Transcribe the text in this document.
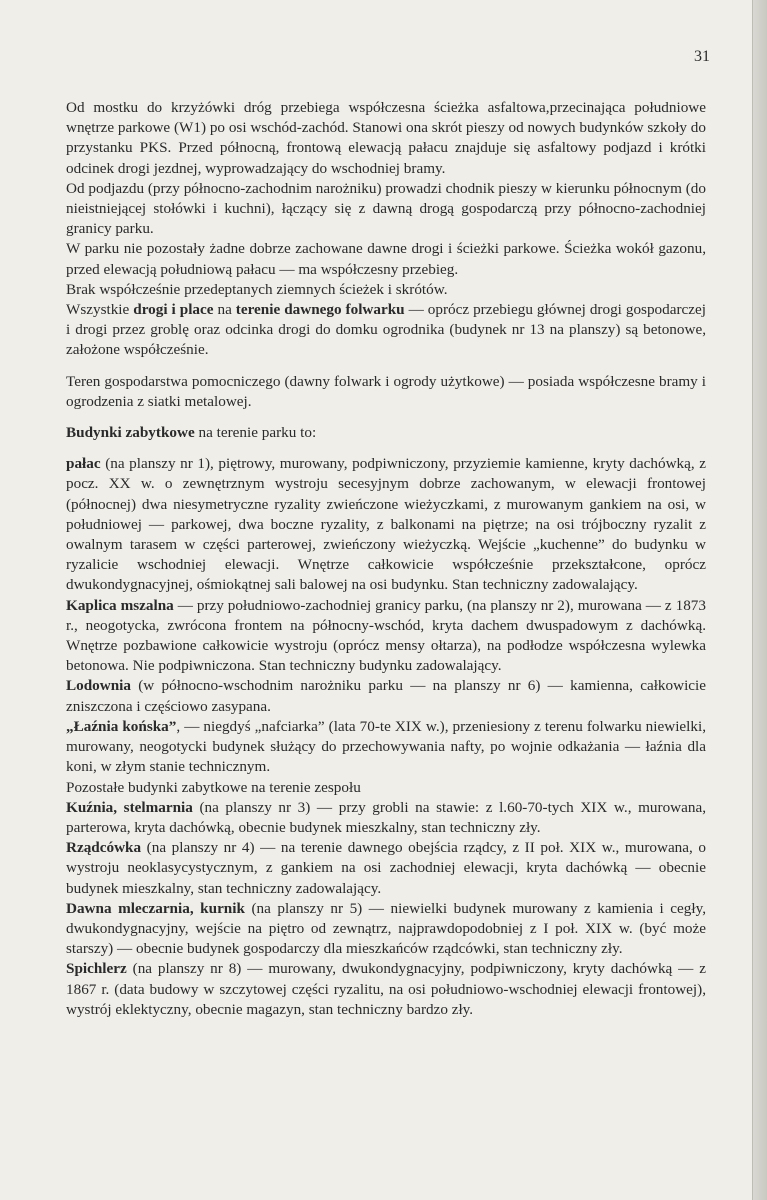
31

Od mostku do krzyżówki dróg przebiega współczesna ścieżka asfaltowa,przecinająca południowe wnętrze parkowe (W1) po osi wschód-zachód. Stanowi ona skrót pieszy od nowych budynków szkoły do przystanku PKS. Przed północną, frontową elewacją pałacu znajduje się asfaltowy podjazd i krótki odcinek drogi jezdnej, wyprowadzający do wschodniej bramy.

Od podjazdu (przy północno-zachodnim narożniku) prowadzi chodnik pieszy w kierunku północnym (do nieistniejącej stołówki i kuchni), łączący się z dawną drogą gospodarczą przy północno-zachodniej granicy parku.

W parku nie pozostały żadne dobrze zachowane dawne drogi i ścieżki parkowe. Ścieżka wokół gazonu, przed elewacją południową pałacu — ma współczesny przebieg.

Brak współcześnie przedeptanych ziemnych ścieżek i skrótów.

Wszystkie drogi i place na terenie dawnego folwarku — oprócz przebiegu głównej drogi gospodarczej i drogi przez groblę oraz odcinka drogi do domku ogrodnika (budynek nr 13 na planszy) są betonowe, założone współcześnie.

Teren gospodarstwa pomocniczego (dawny folwark i ogrody użytkowe) — posiada współczesne bramy i ogrodzenia z siatki metalowej.

Budynki zabytkowe na terenie parku to:

pałac (na planszy nr 1), piętrowy, murowany, podpiwniczony, przyziemie kamienne, kryty dachówką, z pocz. XX w. o zewnętrznym wystroju secesyjnym dobrze zachowanym, w elewacji frontowej (północnej) dwa niesymetryczne ryzality zwieńczone wieżyczkami, z murowanym gankiem na osi, w południowej — parkowej, dwa boczne ryzality, z balkonami na piętrze; na osi trójboczny ryzalit z owalnym tarasem w części parterowej, zwieńczony wieżyczką. Wejście „kuchenne” do budynku w ryzalicie wschodniej elewacji. Wnętrze całkowicie współcześnie przekształcone, oprócz dwukondygnacyjnej, ośmiokątnej sali balowej na osi budynku. Stan techniczny zadowalający.

Kaplica mszalna — przy południowo-zachodniej granicy parku, (na planszy nr 2), murowana — z 1873 r., neogotycka, zwrócona frontem na północny-wschód, kryta dachem dwuspadowym z dachówką. Wnętrze pozbawione całkowicie wystroju (oprócz mensy ołtarza), na podłodze współczesna wylewka betonowa. Nie podpiwniczona. Stan techniczny budynku zadowalający.

Lodownia (w północno-wschodnim narożniku parku — na planszy nr 6) — kamienna, całkowicie zniszczona i częściowo zasypana.

„Łaźnia końska”, — niegdyś „nafciarka” (lata 70-te XIX w.), przeniesiony z terenu folwarku niewielki, murowany, neogotycki budynek służący do przechowywania nafty, po wojnie odkażania — łaźnia dla koni, w złym stanie technicznym.

Pozostałe budynki zabytkowe na terenie zespołu

Kuźnia, stelmarnia (na planszy nr 3) — przy grobli na stawie: z l.60-70-tych XIX w., murowana, parterowa, kryta dachówką, obecnie budynek mieszkalny, stan techniczny zły.

Rządcówka (na planszy nr 4) — na terenie dawnego obejścia rządcy, z II poł. XIX w., murowana, o wystroju neoklasycystycznym, z gankiem na osi zachodniej elewacji, kryta dachówką — obecnie budynek mieszkalny, stan techniczny zadowalający.

Dawna mleczarnia, kurnik (na planszy nr 5) — niewielki budynek murowany z kamienia i cegły, dwukondygnacyjny, wejście na piętro od zewnątrz, najprawdopodobniej z I poł. XIX w. (być może starszy) — obecnie budynek gospodarczy dla mieszkańców rządcówki, stan techniczny zły.

Spichlerz (na planszy nr 8) — murowany, dwukondygnacyjny, podpiwniczony, kryty dachówką — z 1867 r. (data budowy w szczytowej części ryzalitu, na osi południowo-wschodniej elewacji frontowej), wystrój eklektyczny, obecnie magazyn, stan techniczny bardzo zły.
